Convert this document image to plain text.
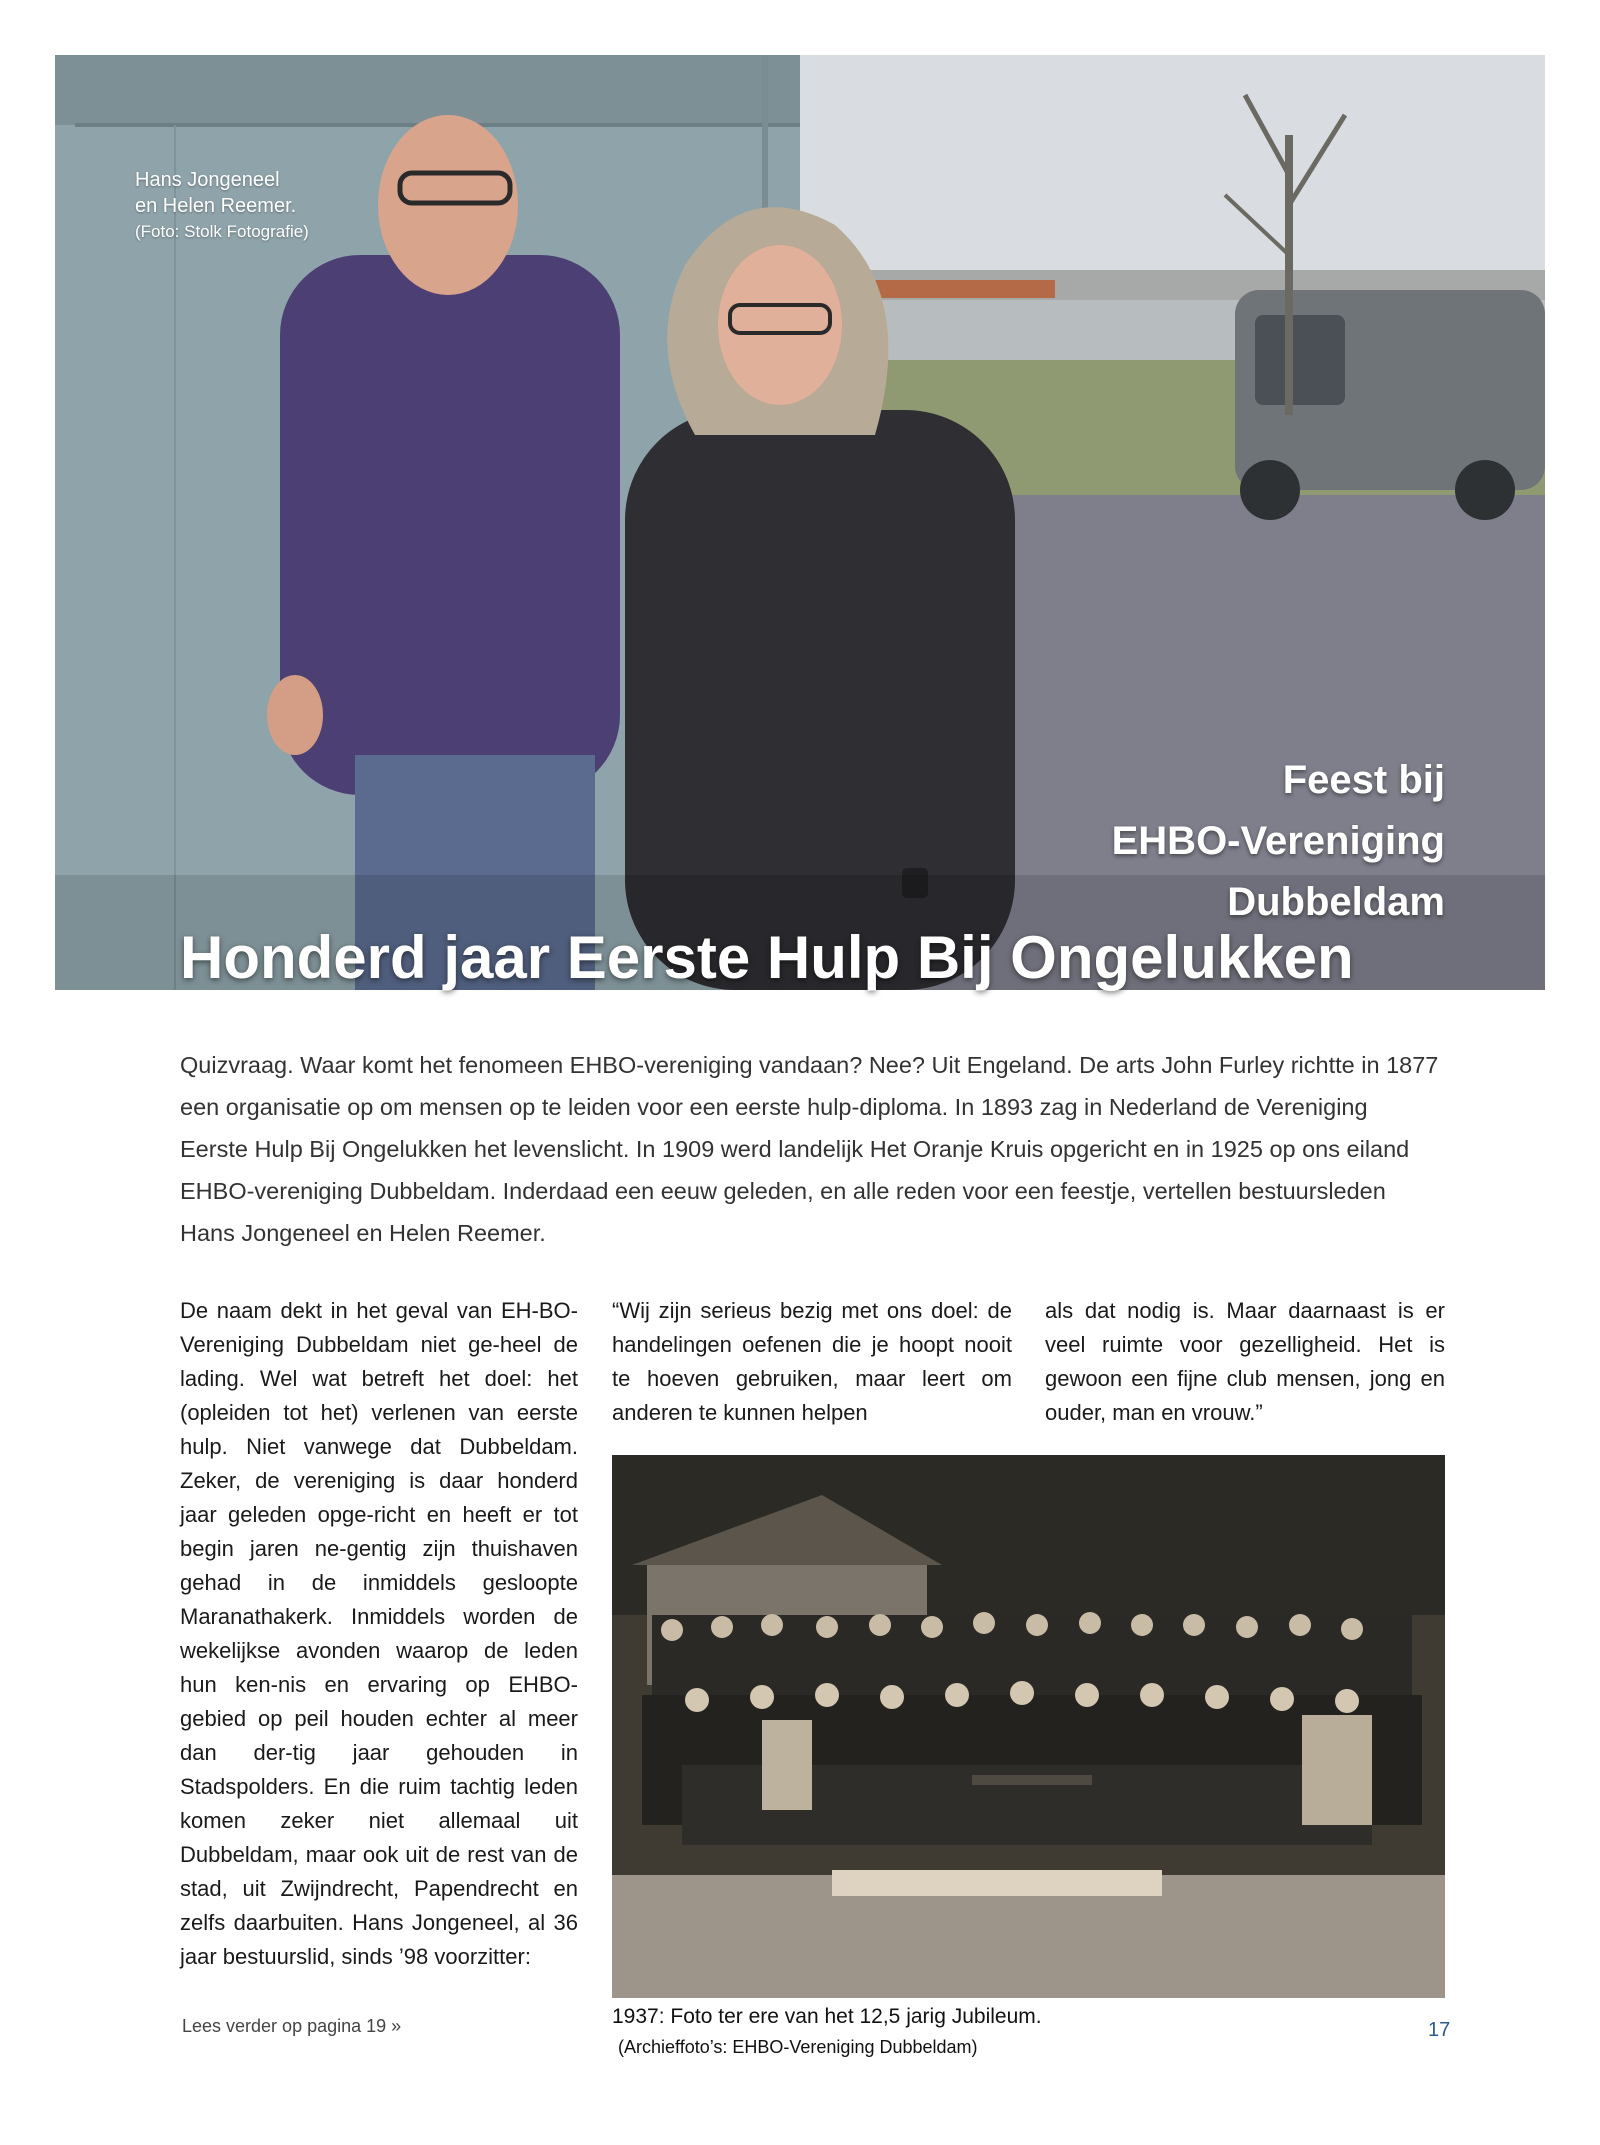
Hans Jongeneel
en Helen Reemer.
(Foto: Stolk Fotografie)
Feest bij
EHBO-Vereniging
Dubbeldam
Honderd jaar Eerste Hulp Bij Ongelukken

Quizvraag. Waar komt het fenomeen EHBO-vereniging vandaan? Nee? Uit Engeland. De arts John Furley richtte in 1877 een organisatie op om mensen op te leiden voor een eerste hulp-diploma. In 1893 zag in Nederland de Vereniging Eerste Hulp Bij Ongelukken het levenslicht. In 1909 werd landelijk Het Oranje Kruis opgericht en in 1925 op ons eiland EHBO-vereniging Dubbeldam. Inderdaad een eeuw geleden, en alle reden voor een feestje, vertellen bestuursleden Hans Jongeneel en Helen Reemer.

De naam dekt in het geval van EH-BO-Vereniging Dubbeldam niet ge-heel de lading. Wel wat betreft het doel: het (opleiden tot het) verlenen van eerste hulp. Niet vanwege dat Dubbeldam. Zeker, de vereniging is daar honderd jaar geleden opge-richt en heeft er tot begin jaren ne-gentig zijn thuishaven gehad in de inmiddels gesloopte Maranathakerk. Inmiddels worden de wekelijkse avonden waarop de leden hun ken-nis en ervaring op EHBO-gebied op peil houden echter al meer dan der-tig jaar gehouden in Stadspolders. En die ruim tachtig leden komen zeker niet allemaal uit Dubbeldam, maar ook uit de rest van de stad, uit Zwijndrecht, Papendrecht en zelfs daarbuiten. Hans Jongeneel, al 36 jaar bestuurslid, sinds ’98 voorzitter:

“Wij zijn serieus bezig met ons doel: de handelingen oefenen die je hoopt nooit te hoeven gebruiken, maar leert om anderen te kunnen helpen

als dat nodig is. Maar daarnaast is er veel ruimte voor gezelligheid. Het is gewoon een fijne club mensen, jong en ouder, man en vrouw.”

1937: Foto ter ere van het 12,5 jarig Jubileum.
(Archieffoto’s: EHBO-Vereniging Dubbeldam)
Lees verder op pagina 19 »	17
